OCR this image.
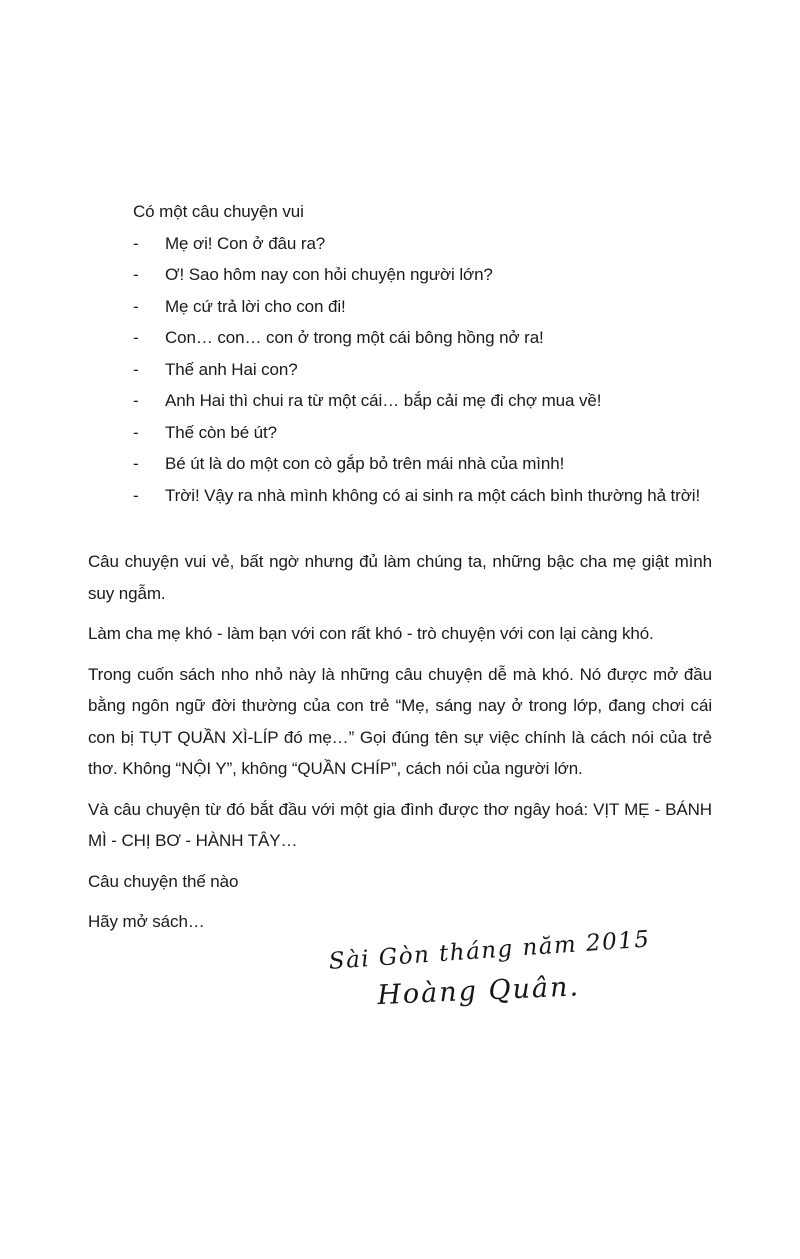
Có một câu chuyện vui
-	Mẹ ơi! Con ở đâu ra?
-	Ơ! Sao hôm nay con hỏi chuyện người lớn?
-	Mẹ cứ trả lời cho con đi!
-	Con… con… con ở trong một cái bông hồng nở ra!
-	Thế anh Hai con?
-	Anh Hai thì chui ra từ một cái… bắp cải mẹ đi chợ mua về!
-	Thế còn bé út?
-	Bé út là do một con cò gắp bỏ trên mái nhà của mình!
-	Trời! Vậy ra nhà mình không có ai sinh ra một cách bình thường hả trời!

Câu chuyện vui vẻ, bất ngờ nhưng đủ làm chúng ta, những bậc cha mẹ giật mình suy ngẫm.

Làm cha mẹ khó - làm bạn với con rất khó - trò chuyện với con lại càng khó.

Trong cuốn sách nho nhỏ này là những câu chuyện dễ mà khó. Nó được mở đầu bằng ngôn ngữ đời thường của con trẻ “Mẹ, sáng nay ở trong lớp, đang chơi cái con bị TỤT QUẦN XÌ-LÍP đó mẹ…” Gọi đúng tên sự việc chính là cách nói của trẻ thơ. Không “NỘI Y”, không “QUẦN CHÍP”, cách nói của người lớn.

Và câu chuyện từ đó bắt đầu với một gia đình được thơ ngây hoá: VỊT MẸ - BÁNH MÌ - CHỊ BƠ - HÀNH TÂY…

Câu chuyện thế nào

Hãy mở sách…

Sài Gòn tháng năm 2015
Hoàng Quân.
